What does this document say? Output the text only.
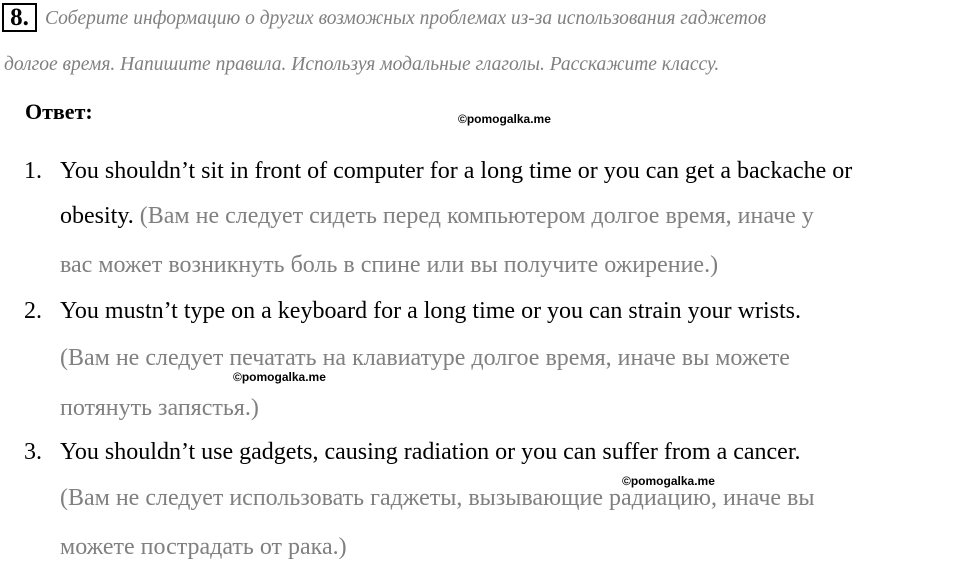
8. Соберите информацию о других возможных проблемах из-за использования гаджетов
долгое время. Напишите правила. Используя модальные глаголы. Расскажите классу.
Ответ:	©pomogalka.me
©pomogalka.me
©pomogalka.me
1. You shouldn’t sit in front of computer for a long time or you can get a backache or
obesity. (Вам не следует сидеть перед компьютером долгое время, иначе у
вас может возникнуть боль в спине или вы получите ожирение.)
2. You mustn’t type on a keyboard for a long time or you can strain your wrists.
(Вам не следует печатать на клавиатуре долгое время, иначе вы можете
потянуть запястья.)
3. You shouldn’t use gadgets, causing radiation or you can suffer from a cancer.
(Вам не следует использовать гаджеты, вызывающие радиацию, иначе вы
можете пострадать от рака.)
